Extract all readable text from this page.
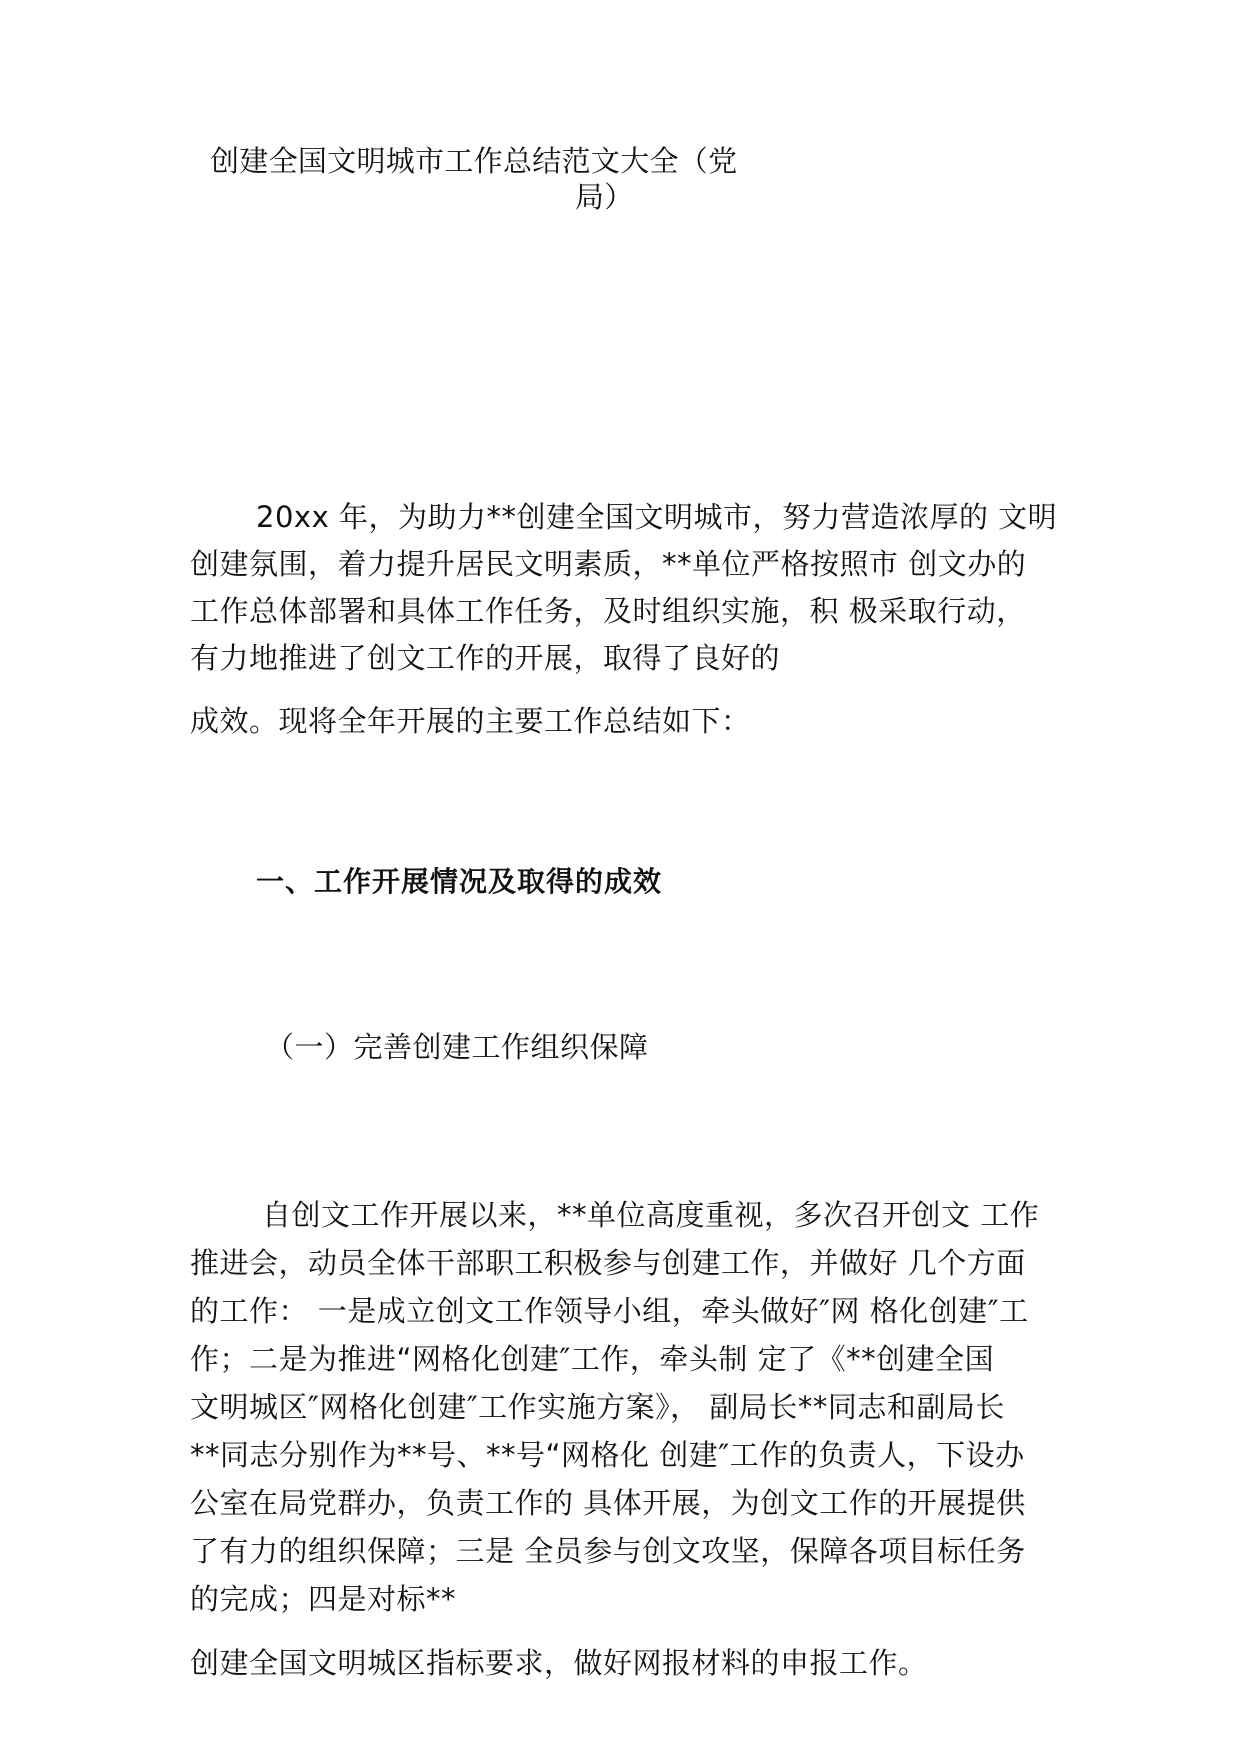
创建全国文明城市工作总结范文大全（党
局）
20xx 年，为助力**创建全国文明城市，努力营造浓厚的 文明
创建氛围，着力提升居民文明素质，**单位严格按照市 创文办的
工作总体部署和具体工作任务，及时组织实施，积 极采取行动，
有力地推进了创文工作的开展，取得了良好的
成效。现将全年开展的主要工作总结如下：
一、工作开展情况及取得的成效
（一）完善创建工作组织保障
自创文工作开展以来，**单位高度重视，多次召开创文 工作
推进会，动员全体干部职工积极参与创建工作，并做好 几个方面
的工作： 一是成立创文工作领导小组，牵头做好″网 格化创建″工
作；二是为推进“网格化创建″工作，牵头制 定了《**创建全国
文明城区″网格化创建″工作实施方案》， 副局长**同志和副局长
**同志分别作为**号、**号“网格化 创建″工作的负责人，下设办
公室在局党群办，负责工作的 具体开展，为创文工作的开展提供
了有力的组织保障；三是 全员参与创文攻坚，保障各项目标任务
的完成；四是对标**
创建全国文明城区指标要求，做好网报材料的申报工作。
